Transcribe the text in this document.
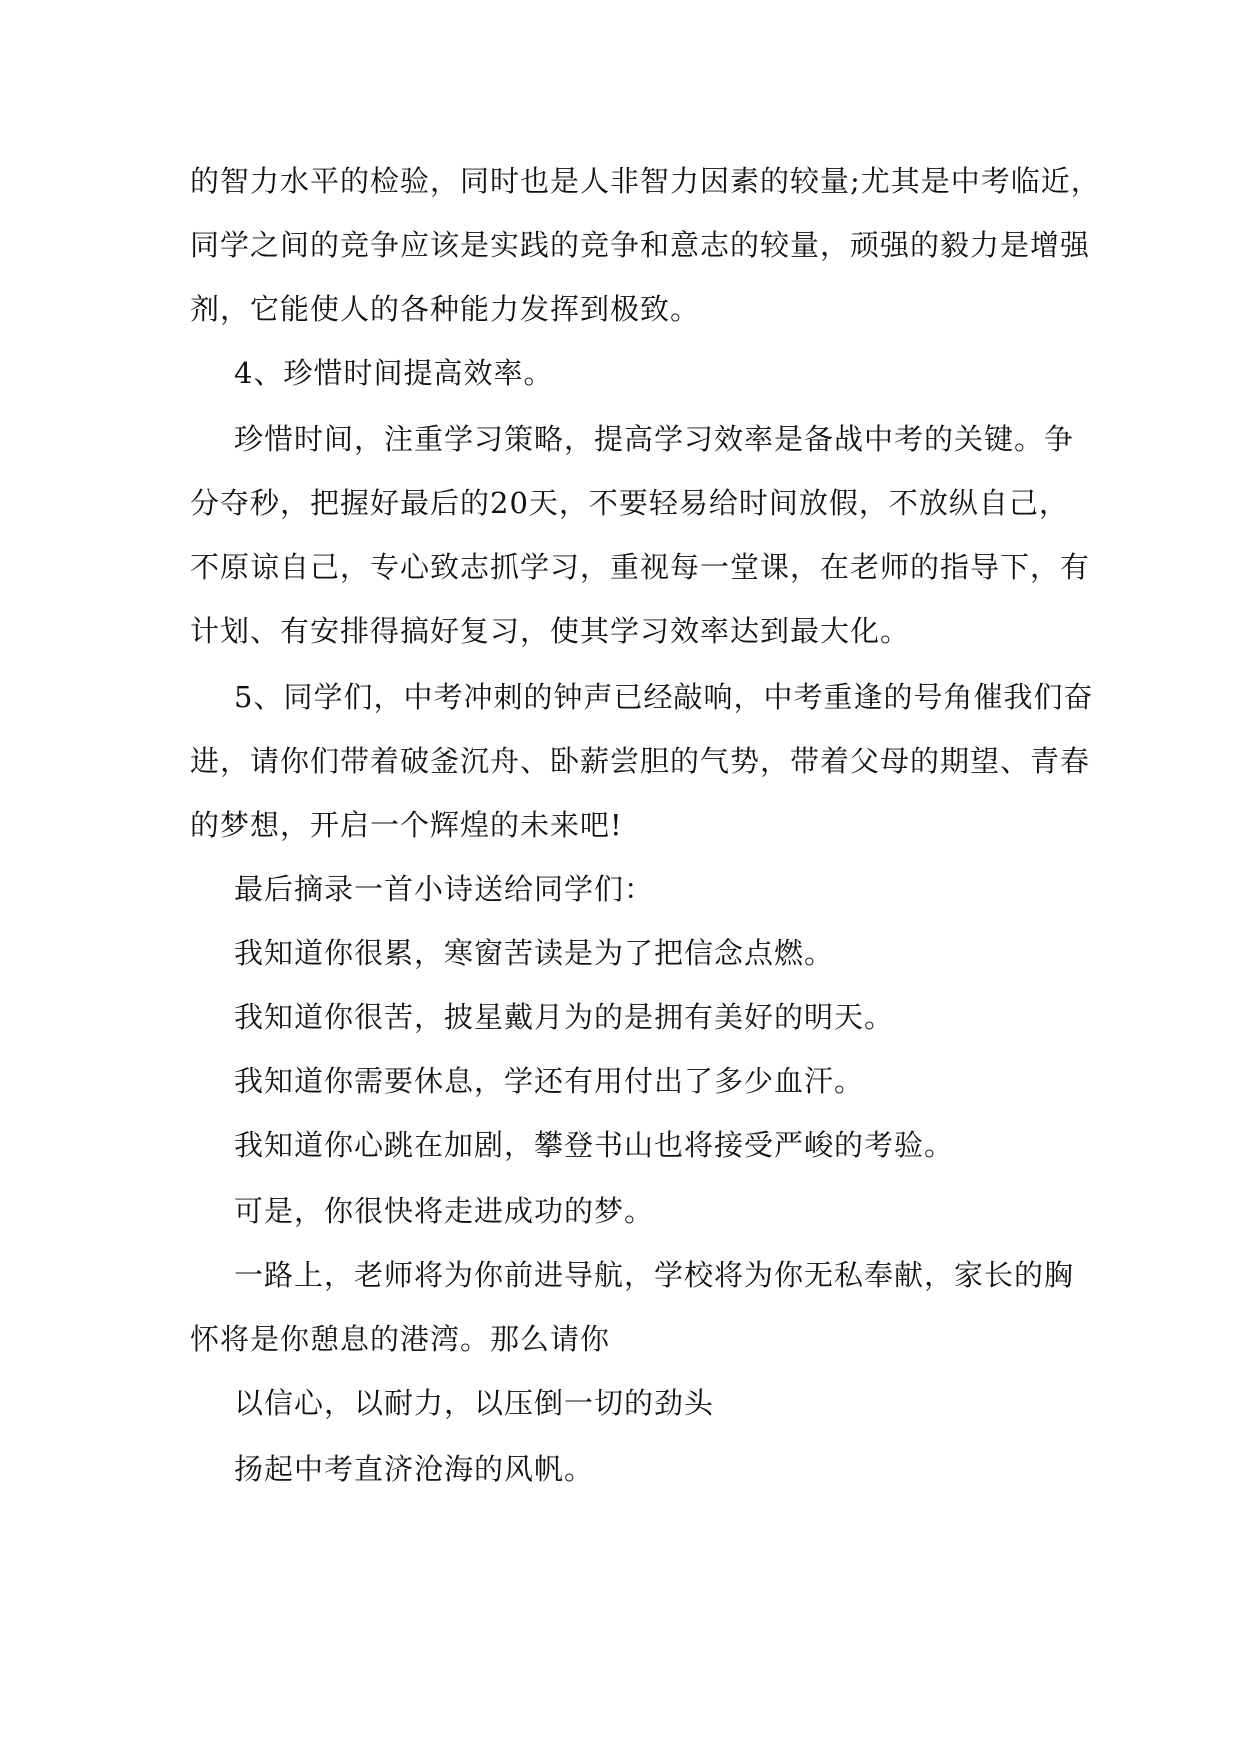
的智力水平的检验，同时也是人非智力因素的较量;尤其是中考临近，
同学之间的竞争应该是实践的竞争和意志的较量，顽强的毅力是增强
剂，它能使人的各种能力发挥到极致。
4、珍惜时间提高效率。
珍惜时间，注重学习策略，提高学习效率是备战中考的关键。争
分夺秒，把握好最后的20天，不要轻易给时间放假，不放纵自己，
不原谅自己，专心致志抓学习，重视每一堂课，在老师的指导下，有
计划、有安排得搞好复习，使其学习效率达到最大化。
5、同学们，中考冲刺的钟声已经敲响，中考重逢的号角催我们奋
进，请你们带着破釜沉舟、卧薪尝胆的气势，带着父母的期望、青春
的梦想，开启一个辉煌的未来吧!
最后摘录一首小诗送给同学们：
我知道你很累，寒窗苦读是为了把信念点燃。
我知道你很苦，披星戴月为的是拥有美好的明天。
我知道你需要休息，学还有用付出了多少血汗。
我知道你心跳在加剧，攀登书山也将接受严峻的考验。
可是，你很快将走进成功的梦。
一路上，老师将为你前进导航，学校将为你无私奉献，家长的胸
怀将是你憩息的港湾。那么请你
以信心，以耐力，以压倒一切的劲头
扬起中考直济沧海的风帆。
